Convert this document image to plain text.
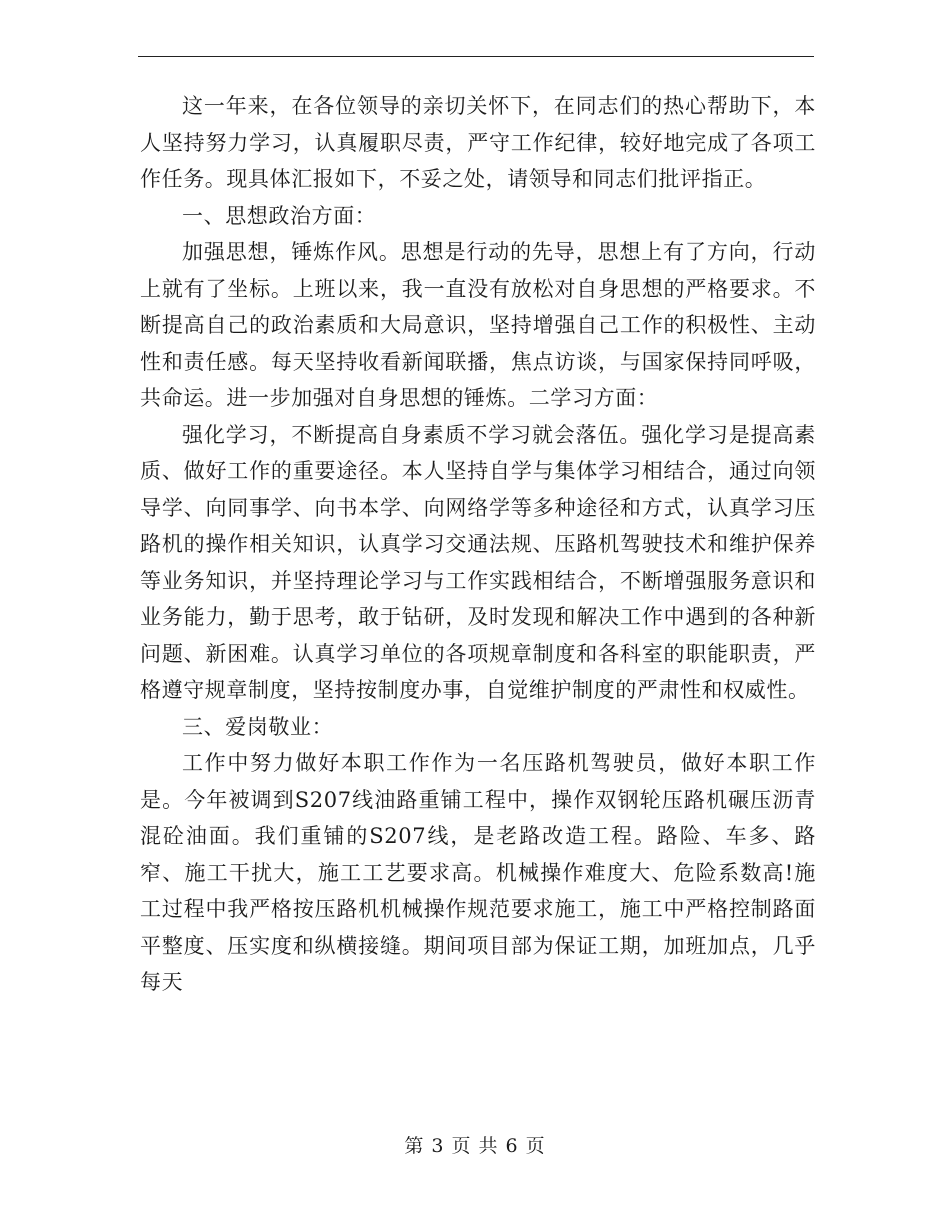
这一年来，在各位领导的亲切关怀下，在同志们的热心帮助下，本人坚持努力学习，认真履职尽责，严守工作纪律，较好地完成了各项工作任务。现具体汇报如下，不妥之处，请领导和同志们批评指正。

一、思想政治方面：

加强思想，锤炼作风。思想是行动的先导，思想上有了方向，行动上就有了坐标。上班以来，我一直没有放松对自身思想的严格要求。不断提高自己的政治素质和大局意识，坚持增强自己工作的积极性、主动性和责任感。每天坚持收看新闻联播，焦点访谈，与国家保持同呼吸，共命运。进一步加强对自身思想的锤炼。二学习方面：

强化学习，不断提高自身素质不学习就会落伍。强化学习是提高素质、做好工作的重要途径。本人坚持自学与集体学习相结合，通过向领导学、向同事学、向书本学、向网络学等多种途径和方式，认真学习压路机的操作相关知识，认真学习交通法规、压路机驾驶技术和维护保养等业务知识，并坚持理论学习与工作实践相结合，不断增强服务意识和业务能力，勤于思考，敢于钻研，及时发现和解决工作中遇到的各种新问题、新困难。认真学习单位的各项规章制度和各科室的职能职责，严格遵守规章制度，坚持按制度办事，自觉维护制度的严肃性和权威性。

三、爱岗敬业：

工作中努力做好本职工作作为一名压路机驾驶员，做好本职工作是。今年被调到S207线油路重铺工程中，操作双钢轮压路机碾压沥青混砼油面。我们重铺的S207线，是老路改造工程。路险、车多、路窄、施工干扰大，施工工艺要求高。机械操作难度大、危险系数高!施工过程中我严格按压路机机械操作规范要求施工，施工中严格控制路面平整度、压实度和纵横接缝。期间项目部为保证工期，加班加点，几乎每天

第 3 页 共 6 页
